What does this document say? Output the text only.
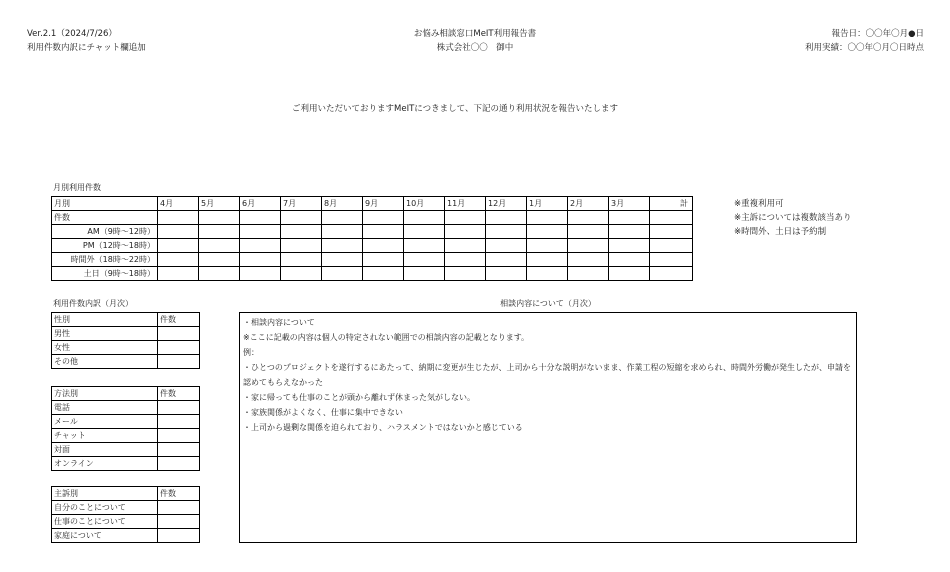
Ver.2.1（2024/7/26）
利用件数内訳にチャット欄追加
お悩み相談窓口MeIT利用報告書
株式会社〇〇　御中
報告日：〇〇年〇月●日
利用実績：〇〇年〇月〇日時点
ご利用いただいておりますMeITにつきまして、下記の通り利用状況を報告いたします
月別利用件数
月別	4月	5月	6月	7月	8月	9月	10月	11月	12月	1月	2月	3月	計
件数													
AM（9時～12時）													
PM（12時～18時）													
時間外（18時～22時）													
土日（9時～18時）													
※重複利用可
※主訴については複数該当あり
※時間外、土日は予約制
利用件数内訳（月次）
性別	件数
男性	
女性	
その他	
方法別	件数
電話	
メール	
チャット	
対面	
オンライン	
主訴別	件数
自分のことについて	
仕事のことについて	
家庭について	
相談内容について（月次）
・相談内容について
※ここに記載の内容は個人の特定されない範囲での相談内容の記載となります。
例：
・ひとつのプロジェクトを遂行するにあたって、納期に変更が生じたが、上司から十分な説明がないまま、作業工程の短縮を求められ、時間外労働が発生したが、申請を認めてもらえなかった
・家に帰っても仕事のことが頭から離れず休まった気がしない。
・家族関係がよくなく、仕事に集中できない
・上司から過剰な関係を迫られており、ハラスメントではないかと感じている
